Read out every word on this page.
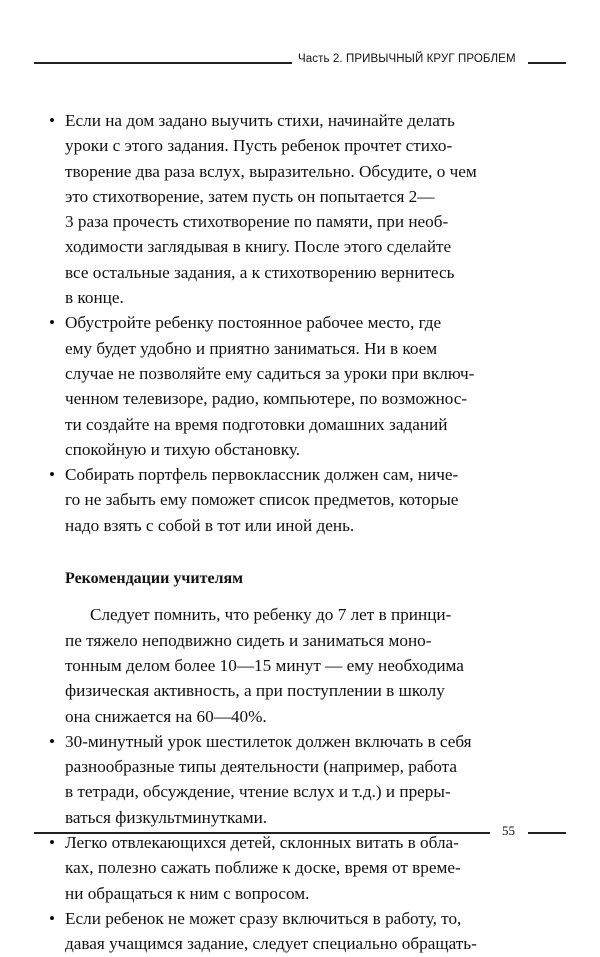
Часть 2. ПРИВЫЧНЫЙ КРУГ ПРОБЛЕМ
• Если на дом задано выучить стихи, начинайте делать
уроки с этого задания. Пусть ребенок прочтет стихо-
творение два раза вслух, выразительно. Обсудите, о чем
это стихотворение, затем пусть он попытается 2—
3 раза прочесть стихотворение по памяти, при необ-
ходимости заглядывая в книгу. После этого сделайте
все остальные задания, а к стихотворению вернитесь
в конце.
• Обустройте ребенку постоянное рабочее место, где
ему будет удобно и приятно заниматься. Ни в коем
случае не позволяйте ему садиться за уроки при включ-
ченном телевизоре, радио, компьютере, по возможнос-
ти создайте на время подготовки домашних заданий
спокойную и тихую обстановку.
• Собирать портфель первоклассник должен сам, ниче-
го не забыть ему поможет список предметов, которые
надо взять с собой в тот или иной день.
Рекомендации учителям
Следует помнить, что ребенку до 7 лет в принци-
пе тяжело неподвижно сидеть и заниматься моно-
тонным делом более 10—15 минут — ему необходима
физическая активность, а при поступлении в школу
она снижается на 60—40%.
• 30-минутный урок шестилеток должен включать в себя
разнообразные типы деятельности (например, работа
в тетради, обсуждение, чтение вслух и т.д.) и преры-
ваться физкультминутками.
• Легко отвлекающихся детей, склонных витать в обла-
ках, полезно сажать поближе к доске, время от време-
ни обращаться к ним с вопросом.
• Если ребенок не может сразу включиться в работу, то,
давая учащимся задание, следует специально обращать-
55
